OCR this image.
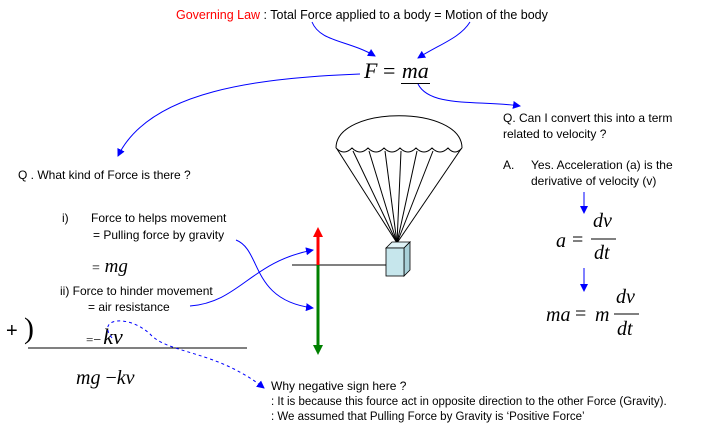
Governing Law : Total Force applied to a body = Motion of the body
F = ma
Q . What kind of Force is there ?
i) Force to helps movement
= Pulling force by gravity
= mg
ii) Force to hinder movement
= air resistance
=−kv
+ )
mg −kv
Q. Can I convert this into a term
related to velocity ?
A. Yes. Acceleration (a) is the
derivative of velocity (v)
a =
dv
dt
ma = m
dv
dt
Why negative sign here ?
: It is because this fource act in opposite direction to the other Force (Gravity).
: We assumed that Pulling Force by Gravity is ‘Positive Force’
